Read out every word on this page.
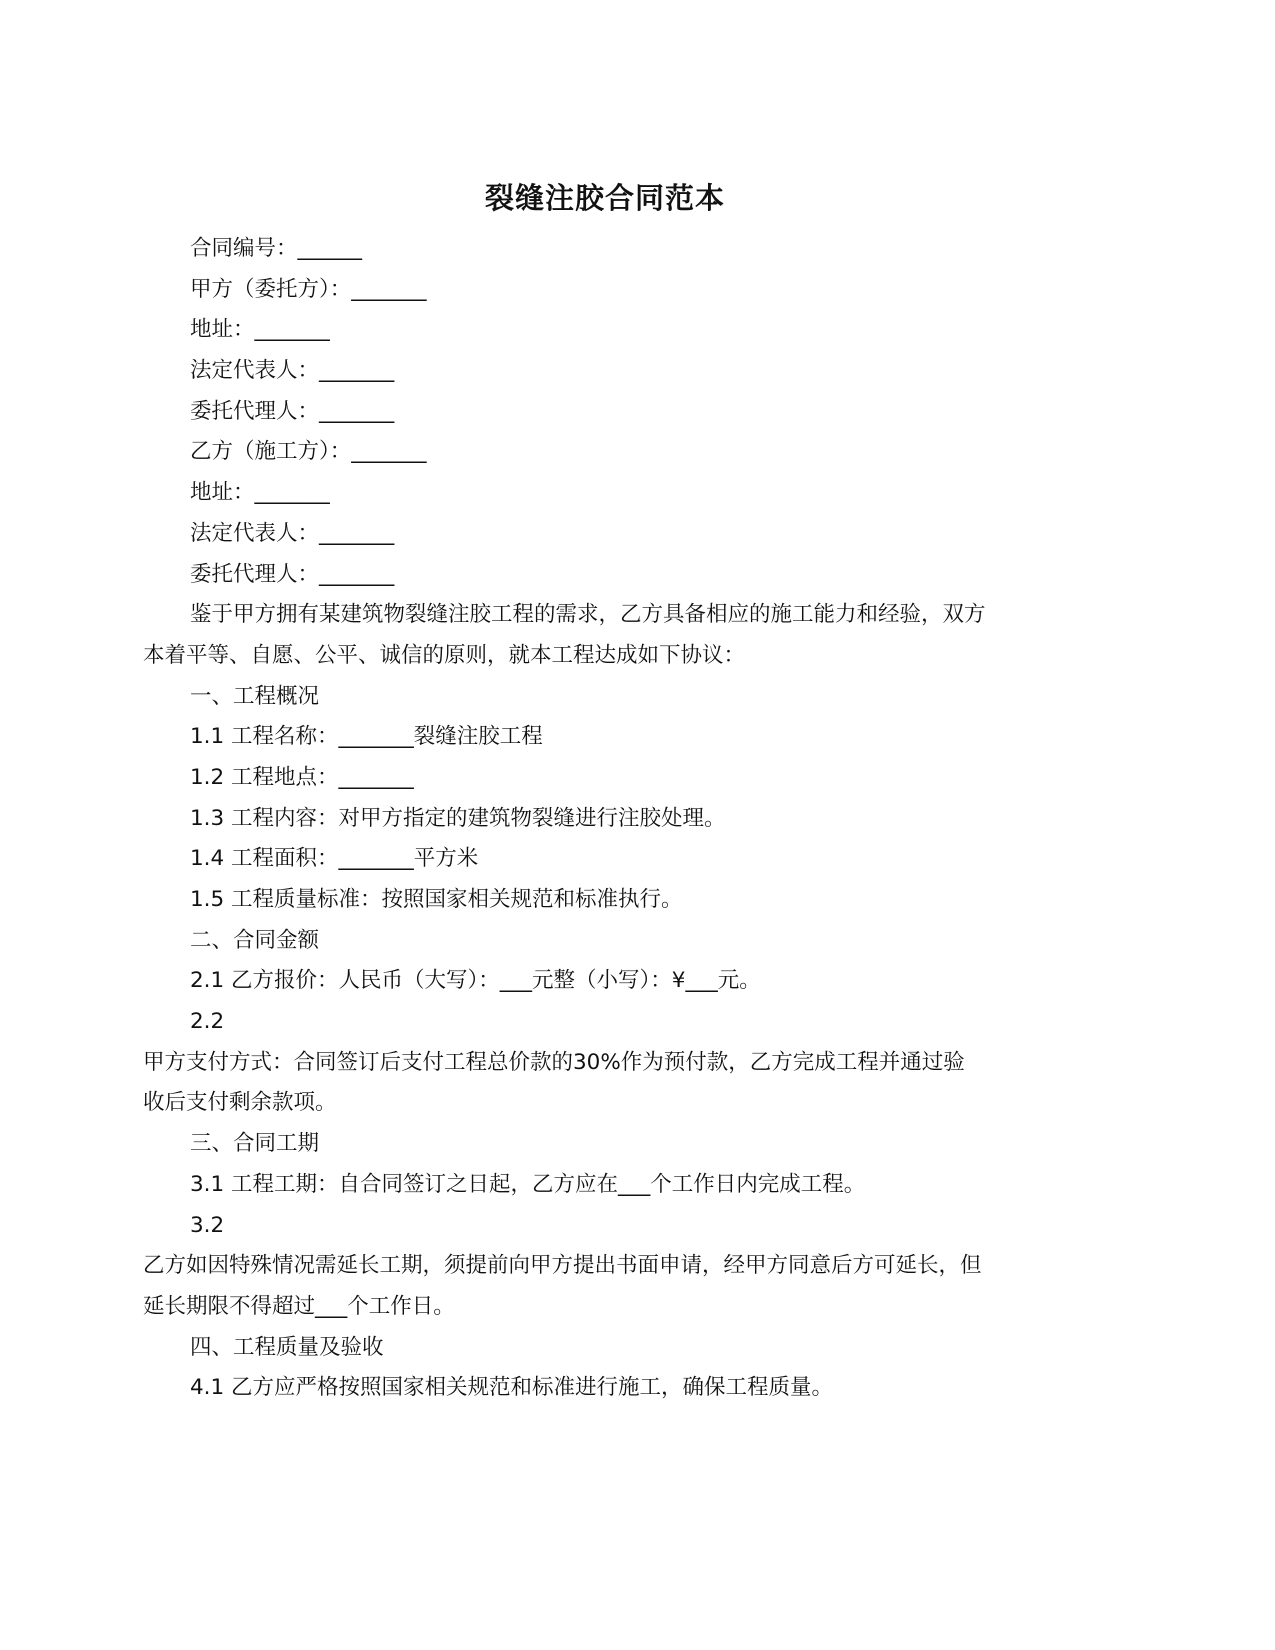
裂缝注胶合同范本
合同编号：______
甲方（委托方）：_______
地址：_______
法定代表人：_______
委托代理人：_______
乙方（施工方）：_______
地址：_______
法定代表人：_______
委托代理人：_______
鉴于甲方拥有某建筑物裂缝注胶工程的需求，乙方具备相应的施工能力和经验，双方
本着平等、自愿、公平、诚信的原则，就本工程达成如下协议：
一、工程概况
1.1 工程名称：_______裂缝注胶工程
1.2 工程地点：_______
1.3 工程内容：对甲方指定的建筑物裂缝进行注胶处理。
1.4 工程面积：_______平方米
1.5 工程质量标准：按照国家相关规范和标准执行。
二、合同金额
2.1 乙方报价：人民币（大写）：___元整（小写）：¥___元。
2.2
甲方支付方式：合同签订后支付工程总价款的30%作为预付款，乙方完成工程并通过验
收后支付剩余款项。
三、合同工期
3.1 工程工期：自合同签订之日起，乙方应在___个工作日内完成工程。
3.2
乙方如因特殊情况需延长工期，须提前向甲方提出书面申请，经甲方同意后方可延长，但
延长期限不得超过___个工作日。
四、工程质量及验收
4.1 乙方应严格按照国家相关规范和标准进行施工，确保工程质量。
